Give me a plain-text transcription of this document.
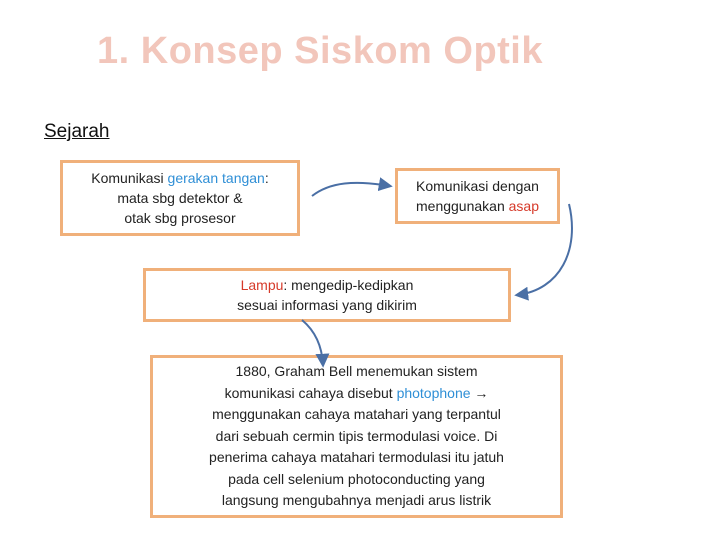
1. Konsep Siskom Optik
Sejarah

Komunikasi gerakan tangan:
mata sbg detektor &
otak sbg prosesor

Komunikasi dengan
menggunakan asap

Lampu: mengedip-kedipkan
sesuai informasi yang dikirim

1880, Graham Bell menemukan sistem
komunikasi cahaya disebut photophone →
menggunakan cahaya matahari yang terpantul
dari sebuah cermin tipis termodulasi voice. Di
penerima cahaya matahari termodulasi itu jatuh
pada cell selenium photoconducting yang
langsung mengubahnya menjadi arus listrik
